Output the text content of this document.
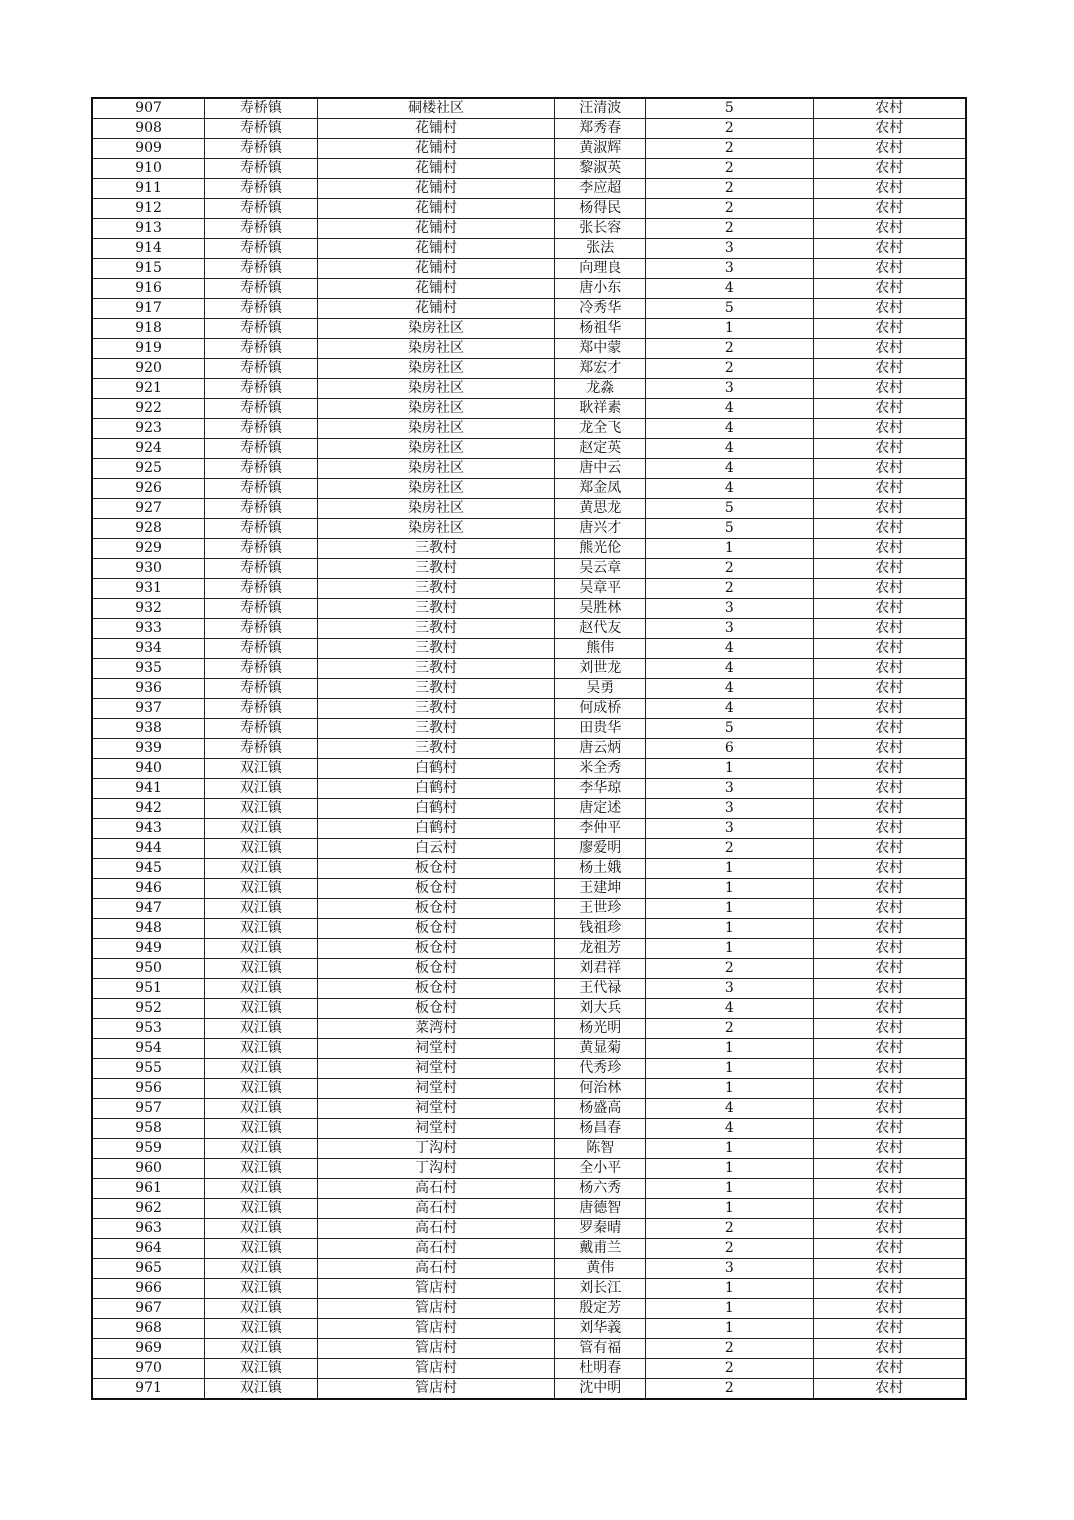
907	寿桥镇	硐楼社区	汪清波	5	农村
908	寿桥镇	花铺村	郑秀春	2	农村
909	寿桥镇	花铺村	黄淑辉	2	农村
910	寿桥镇	花铺村	黎淑英	2	农村
911	寿桥镇	花铺村	李应超	2	农村
912	寿桥镇	花铺村	杨得民	2	农村
913	寿桥镇	花铺村	张长容	2	农村
914	寿桥镇	花铺村	张法	3	农村
915	寿桥镇	花铺村	向理良	3	农村
916	寿桥镇	花铺村	唐小东	4	农村
917	寿桥镇	花铺村	冷秀华	5	农村
918	寿桥镇	染房社区	杨祖华	1	农村
919	寿桥镇	染房社区	郑中蒙	2	农村
920	寿桥镇	染房社区	郑宏才	2	农村
921	寿桥镇	染房社区	龙淼	3	农村
922	寿桥镇	染房社区	耿祥素	4	农村
923	寿桥镇	染房社区	龙全飞	4	农村
924	寿桥镇	染房社区	赵定英	4	农村
925	寿桥镇	染房社区	唐中云	4	农村
926	寿桥镇	染房社区	郑金凤	4	农村
927	寿桥镇	染房社区	黄思龙	5	农村
928	寿桥镇	染房社区	唐兴才	5	农村
929	寿桥镇	三教村	熊光伦	1	农村
930	寿桥镇	三教村	吴云章	2	农村
931	寿桥镇	三教村	吴章平	2	农村
932	寿桥镇	三教村	吴胜林	3	农村
933	寿桥镇	三教村	赵代友	3	农村
934	寿桥镇	三教村	熊伟	4	农村
935	寿桥镇	三教村	刘世龙	4	农村
936	寿桥镇	三教村	吴勇	4	农村
937	寿桥镇	三教村	何成桥	4	农村
938	寿桥镇	三教村	田贵华	5	农村
939	寿桥镇	三教村	唐云炳	6	农村
940	双江镇	白鹤村	米全秀	1	农村
941	双江镇	白鹤村	李华琼	3	农村
942	双江镇	白鹤村	唐定述	3	农村
943	双江镇	白鹤村	李仲平	3	农村
944	双江镇	白云村	廖爱明	2	农村
945	双江镇	板仓村	杨土娥	1	农村
946	双江镇	板仓村	王建坤	1	农村
947	双江镇	板仓村	王世珍	1	农村
948	双江镇	板仓村	钱祖珍	1	农村
949	双江镇	板仓村	龙祖芳	1	农村
950	双江镇	板仓村	刘君祥	2	农村
951	双江镇	板仓村	王代禄	3	农村
952	双江镇	板仓村	刘大兵	4	农村
953	双江镇	菜湾村	杨光明	2	农村
954	双江镇	祠堂村	黄显菊	1	农村
955	双江镇	祠堂村	代秀珍	1	农村
956	双江镇	祠堂村	何治林	1	农村
957	双江镇	祠堂村	杨盛高	4	农村
958	双江镇	祠堂村	杨昌春	4	农村
959	双江镇	丁沟村	陈智	1	农村
960	双江镇	丁沟村	全小平	1	农村
961	双江镇	高石村	杨六秀	1	农村
962	双江镇	高石村	唐德智	1	农村
963	双江镇	高石村	罗秦晴	2	农村
964	双江镇	高石村	戴甫兰	2	农村
965	双江镇	高石村	黄伟	3	农村
966	双江镇	管店村	刘长江	1	农村
967	双江镇	管店村	殷定芳	1	农村
968	双江镇	管店村	刘华義	1	农村
969	双江镇	管店村	管有福	2	农村
970	双江镇	管店村	杜明春	2	农村
971	双江镇	管店村	沈中明	2	农村
